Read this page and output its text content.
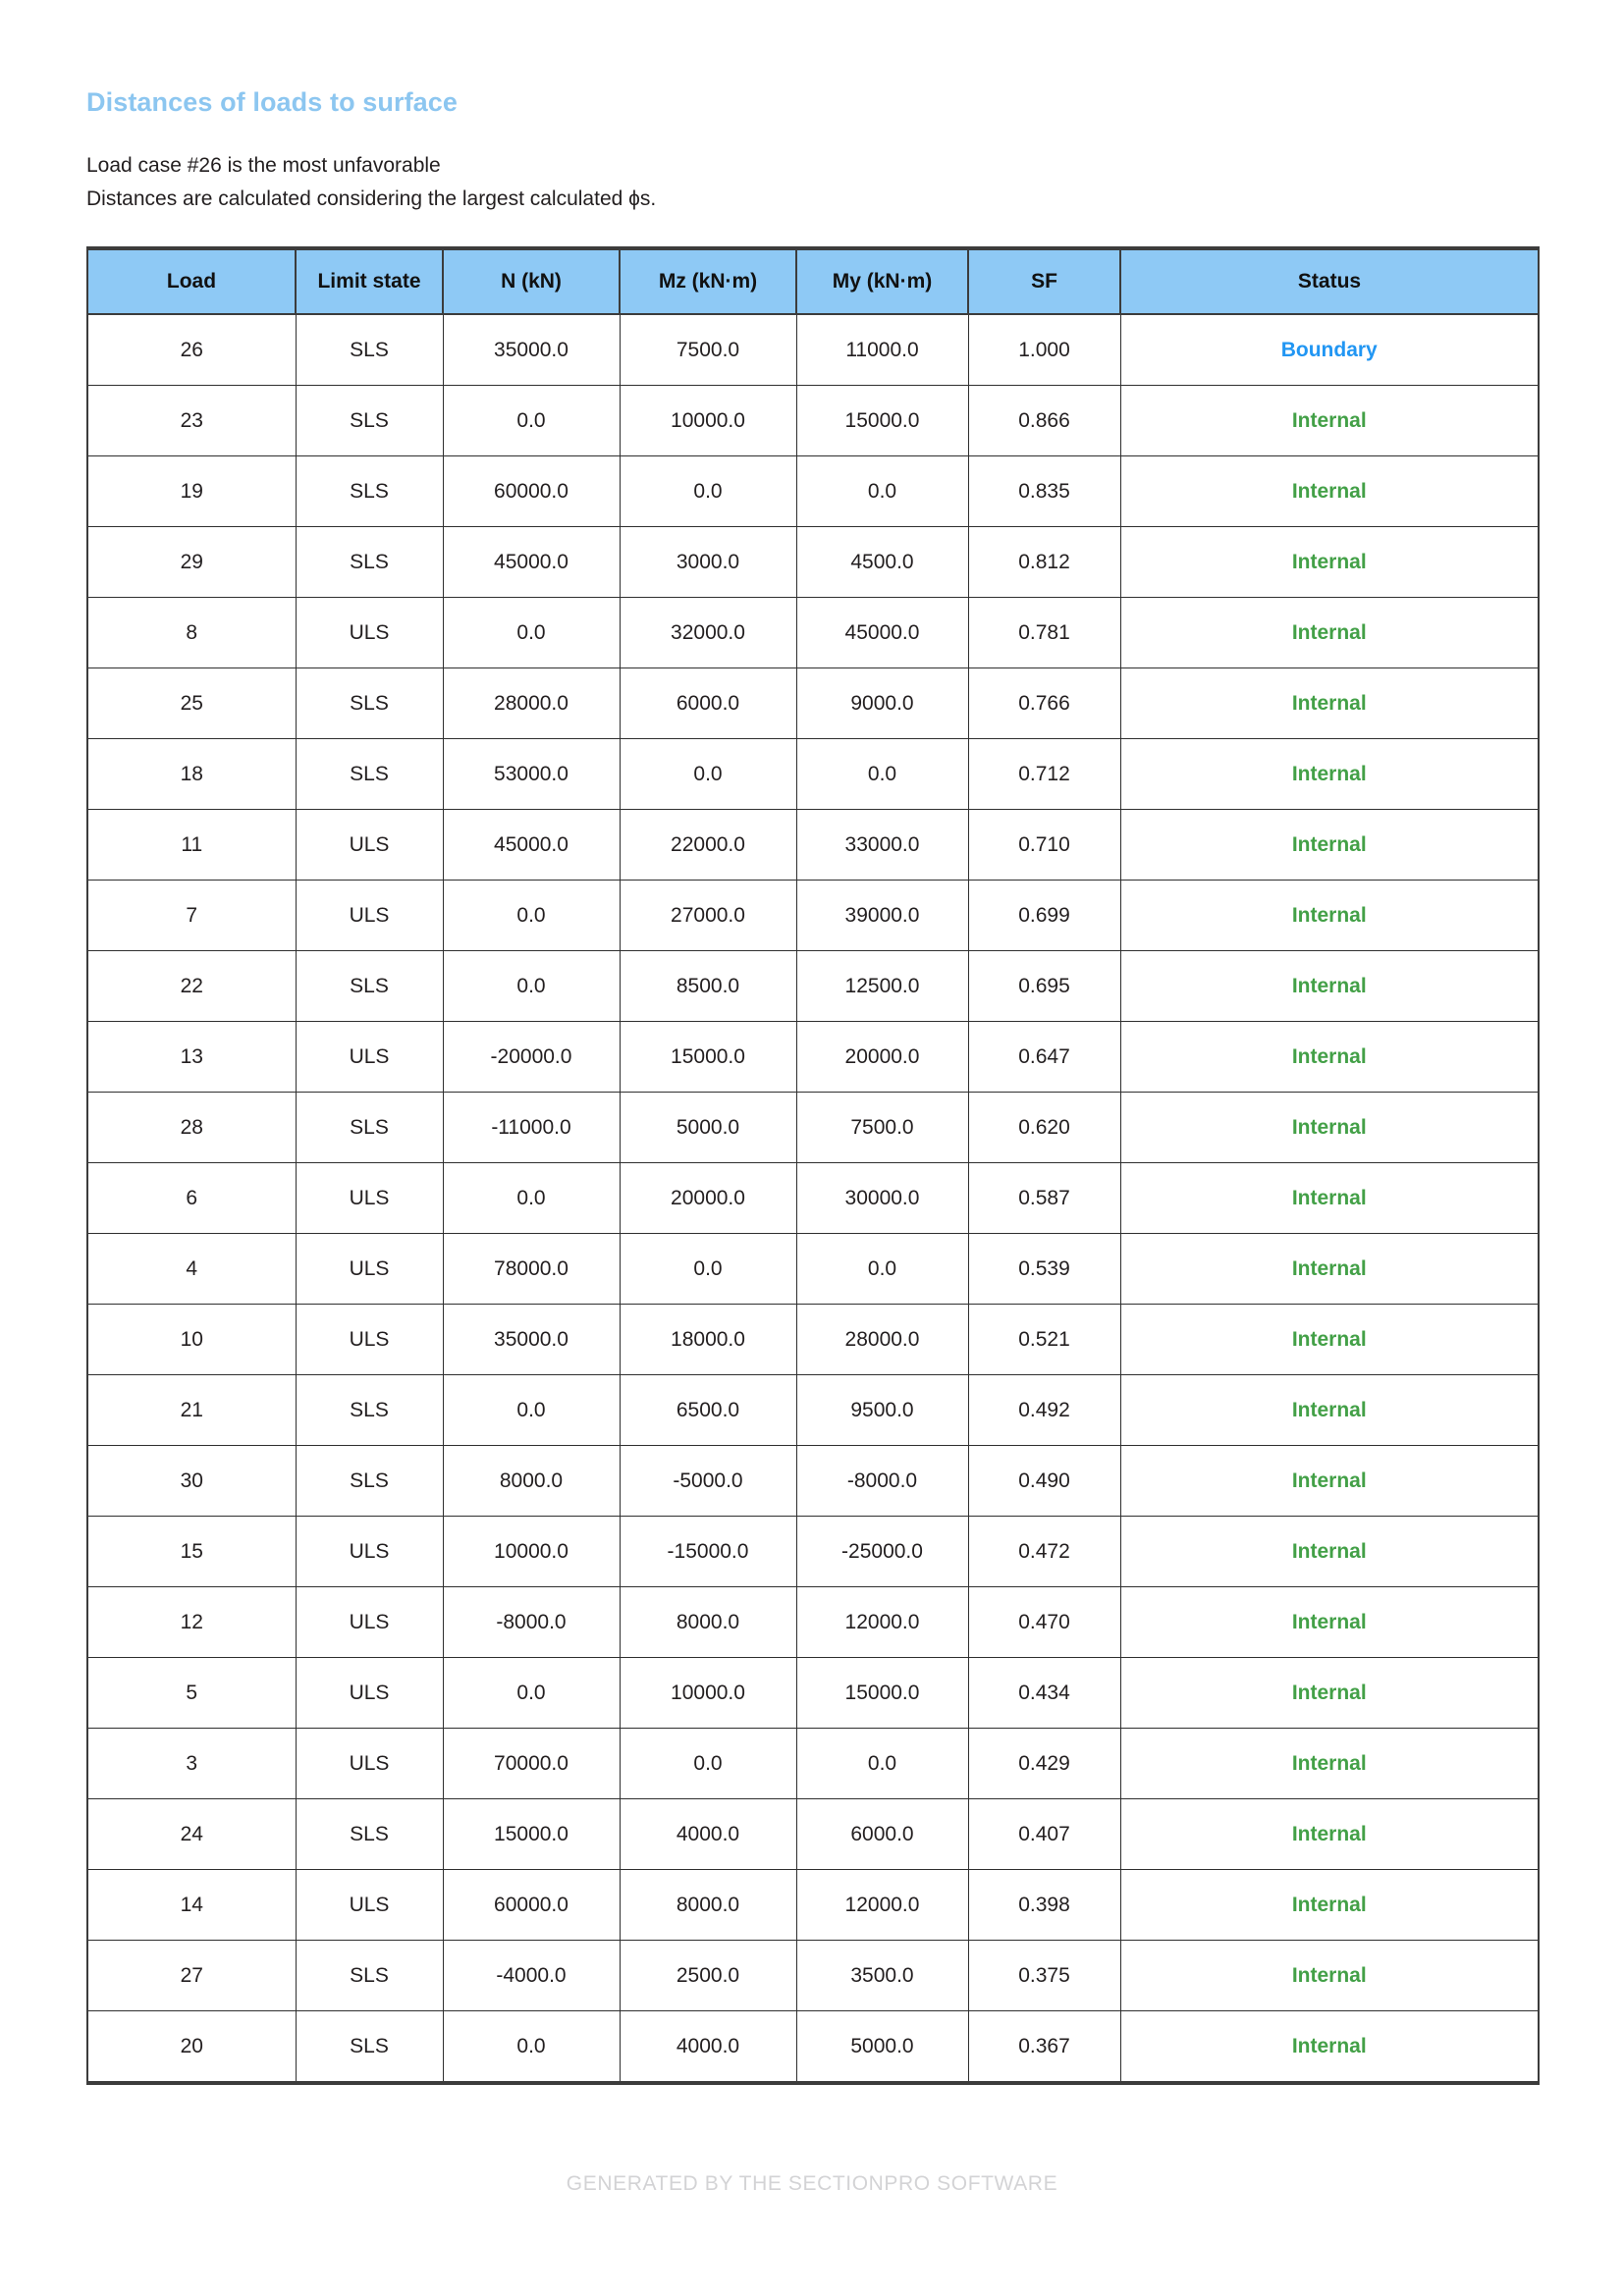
Distances of loads to surface
Load case #26 is the most unfavorable
Distances are calculated considering the largest calculated ϕs.
Load	Limit state	N (kN)	Mz (kN·m)	My (kN·m)	SF	Status
26	SLS	35000.0	7500.0	11000.0	1.000	Boundary
23	SLS	0.0	10000.0	15000.0	0.866	Internal
19	SLS	60000.0	0.0	0.0	0.835	Internal
29	SLS	45000.0	3000.0	4500.0	0.812	Internal
8	ULS	0.0	32000.0	45000.0	0.781	Internal
25	SLS	28000.0	6000.0	9000.0	0.766	Internal
18	SLS	53000.0	0.0	0.0	0.712	Internal
11	ULS	45000.0	22000.0	33000.0	0.710	Internal
7	ULS	0.0	27000.0	39000.0	0.699	Internal
22	SLS	0.0	8500.0	12500.0	0.695	Internal
13	ULS	-20000.0	15000.0	20000.0	0.647	Internal
28	SLS	-11000.0	5000.0	7500.0	0.620	Internal
6	ULS	0.0	20000.0	30000.0	0.587	Internal
4	ULS	78000.0	0.0	0.0	0.539	Internal
10	ULS	35000.0	18000.0	28000.0	0.521	Internal
21	SLS	0.0	6500.0	9500.0	0.492	Internal
30	SLS	8000.0	-5000.0	-8000.0	0.490	Internal
15	ULS	10000.0	-15000.0	-25000.0	0.472	Internal
12	ULS	-8000.0	8000.0	12000.0	0.470	Internal
5	ULS	0.0	10000.0	15000.0	0.434	Internal
3	ULS	70000.0	0.0	0.0	0.429	Internal
24	SLS	15000.0	4000.0	6000.0	0.407	Internal
14	ULS	60000.0	8000.0	12000.0	0.398	Internal
27	SLS	-4000.0	2500.0	3500.0	0.375	Internal
20	SLS	0.0	4000.0	5000.0	0.367	Internal
GENERATED BY THE SECTIONPRO SOFTWARE
